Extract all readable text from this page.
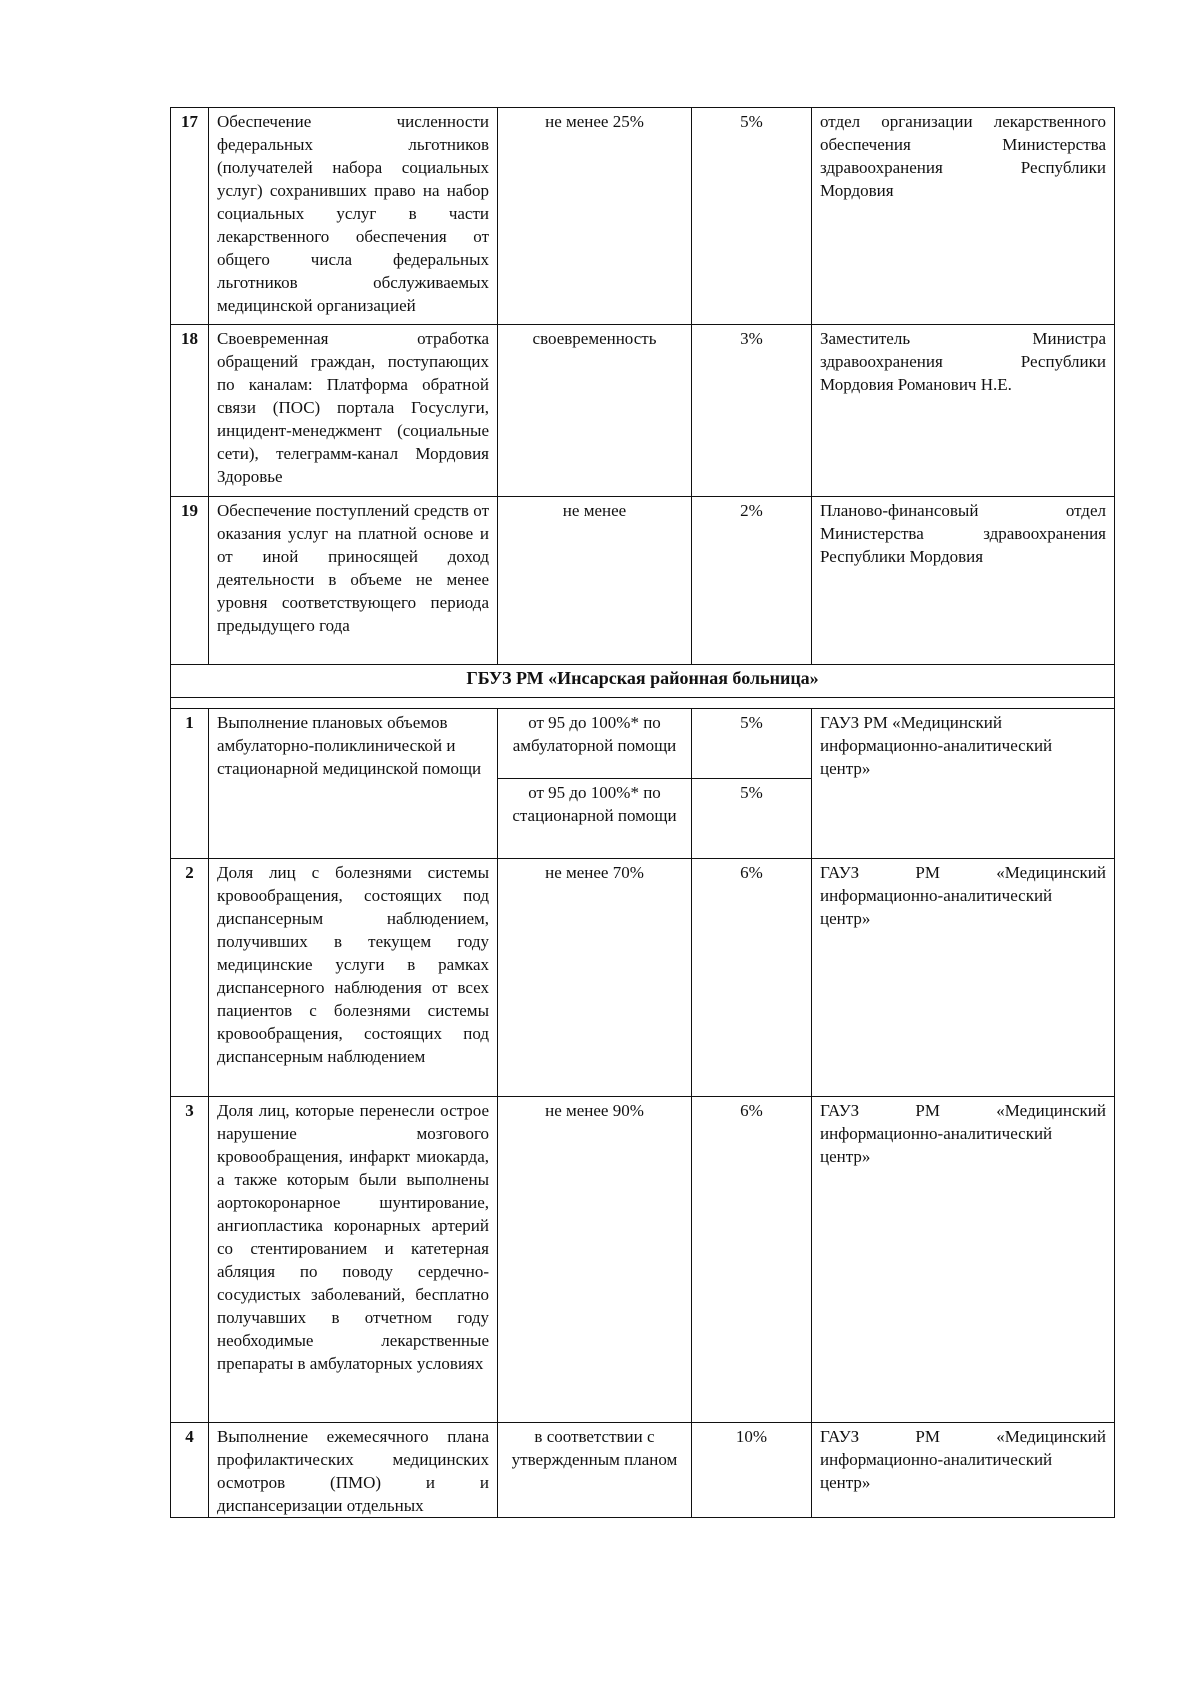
17	Обеспечение численности федеральных льготников (получателей набора социальных услуг) сохранивших право на набор социальных услуг в части лекарственного обеспечения от общего числа федеральных льготников обслуживаемых медицинской организацией	не менее 25%	5%	отдел организации лекарственного обеспечения Министерства здравоохранения Республики Мордовия
18	Своевременная отработка обращений граждан, поступающих по каналам: Платформа обратной связи (ПОС) портала Госуслуги, инцидент-менеджмент (социальные сети), телеграмм-канал Мордовия Здоровье	своевременность	3%	Заместитель Министра здравоохранения Республики Мордовия Романович Н.Е.
19	Обеспечение поступлений средств от оказания услуг на платной основе и от иной приносящей доход деятельности в объеме не менее уровня соответствующего периода предыдущего года	не менее	2%	Планово-финансовый отдел Министерства здравоохранения Республики Мордовия
ГБУЗ РМ «Инсарская районная больница»				

1	Выполнение плановых объемов амбулаторно-поликлинической и стационарной медицинской помощи	от 95 до 100%* по амбулаторной помощи	5%	ГАУЗ РМ «Медицинский информационно-аналитический центр»
		от 95 до 100%* по стационарной помощи	5%	
2	Доля лиц с болезнями системы кровообращения, состоящих под диспансерным наблюдением, получивших в текущем году медицинские услуги в рамках диспансерного наблюдения от всех пациентов с болезнями системы кровообращения, состоящих под диспансерным наблюдением	не менее 70%	6%	ГАУЗ РМ «Медицинский информационно-аналитический центр»
3	Доля лиц, которые перенесли острое нарушение мозгового кровообращения, инфаркт миокарда, а также которым были выполнены аортокоронарное шунтирование, ангиопластика коронарных артерий со стентированием и катетерная абляция по поводу сердечно-сосудистых заболеваний, бесплатно получавших в отчетном году необходимые лекарственные препараты в амбулаторных условиях	не менее 90%	6%	ГАУЗ РМ «Медицинский информационно-аналитический центр»
4	Выполнение ежемесячного плана профилактических медицинских осмотров (ПМО) и и диспансеризации отдельных	в соответствии с утвержденным планом	10%	ГАУЗ РМ «Медицинский информационно-аналитический центр»
